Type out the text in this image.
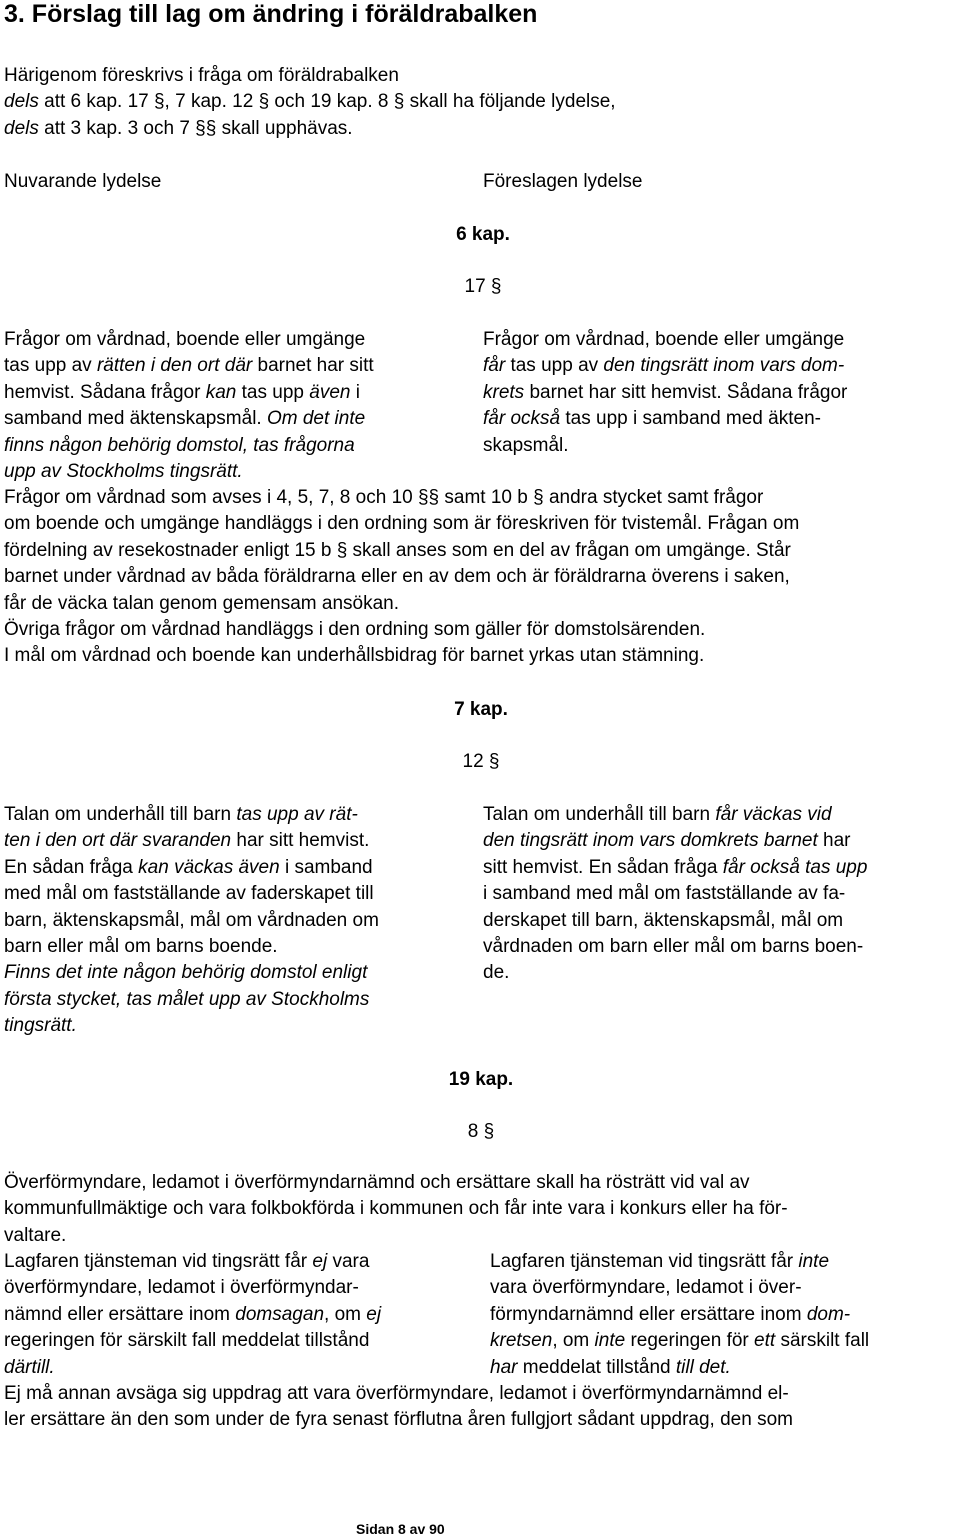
3. Förslag till lag om ändring i föräldrabalken
Härigenom föreskrivs i fråga om föräldrabalken
dels att 6 kap. 17 §, 7 kap. 12 § och 19 kap. 8 § skall ha följande lydelse,
dels att 3 kap. 3 och 7 §§ skall upphävas.
Nuvarande lydelse	Föreslagen lydelse
6 kap.
17 §
Frågor om vårdnad, boende eller umgänge
tas upp av rätten i den ort där barnet har sitt
hemvist. Sådana frågor kan tas upp även i
samband med äktenskapsmål. Om det inte
finns någon behörig domstol, tas frågorna
upp av Stockholms tingsrätt.
Frågor om vårdnad, boende eller umgänge
får tas upp av den tingsrätt inom vars dom-
krets barnet har sitt hemvist. Sådana frågor
får också tas upp i samband med äkten-
skapsmål.
Frågor om vårdnad som avses i 4, 5, 7, 8 och 10 §§ samt 10 b § andra stycket samt frågor
om boende och umgänge handläggs i den ordning som är föreskriven för tvistemål. Frågan om
fördelning av resekostnader enligt 15 b § skall anses som en del av frågan om umgänge. Står
barnet under vårdnad av båda föräldrarna eller en av dem och är föräldrarna överens i saken,
får de väcka talan genom gemensam ansökan.
Övriga frågor om vårdnad handläggs i den ordning som gäller för domstolsärenden.
I mål om vårdnad och boende kan underhållsbidrag för barnet yrkas utan stämning.
7 kap.
12 §
Talan om underhåll till barn tas upp av rät-
ten i den ort där svaranden har sitt hemvist.
En sådan fråga kan väckas även i samband
med mål om fastställande av faderskapet till
barn, äktenskapsmål, mål om vårdnaden om
barn eller mål om barns boende.
Finns det inte någon behörig domstol enligt
första stycket, tas målet upp av Stockholms
tingsrätt.
Talan om underhåll till barn får väckas vid
den tingsrätt inom vars domkrets barnet har
sitt hemvist. En sådan fråga får också tas upp
i samband med mål om fastställande av fa-
derskapet till barn, äktenskapsmål, mål om
vårdnaden om barn eller mål om barns boen-
de.
19 kap.
8 §
Överförmyndare, ledamot i överförmyndarnämnd och ersättare skall ha rösträtt vid val av
kommunfullmäktige och vara folkbokförda i kommunen och får inte vara i konkurs eller ha för-
valtare.
Lagfaren tjänsteman vid tingsrätt får ej vara
överförmyndare, ledamot i överförmyndar-
nämnd eller ersättare inom domsagan, om ej
regeringen för särskilt fall meddelat tillstånd
därtill.
Lagfaren tjänsteman vid tingsrätt får inte
vara överförmyndare, ledamot i över-
förmyndarnämnd eller ersättare inom dom-
kretsen, om inte regeringen för ett särskilt fall
har meddelat tillstånd till det.
Ej må annan avsäga sig uppdrag att vara överförmyndare, ledamot i överförmyndarnämnd el-
ler ersättare än den som under de fyra senast förflutna åren fullgjort sådant uppdrag, den som
Sidan 8 av 90
